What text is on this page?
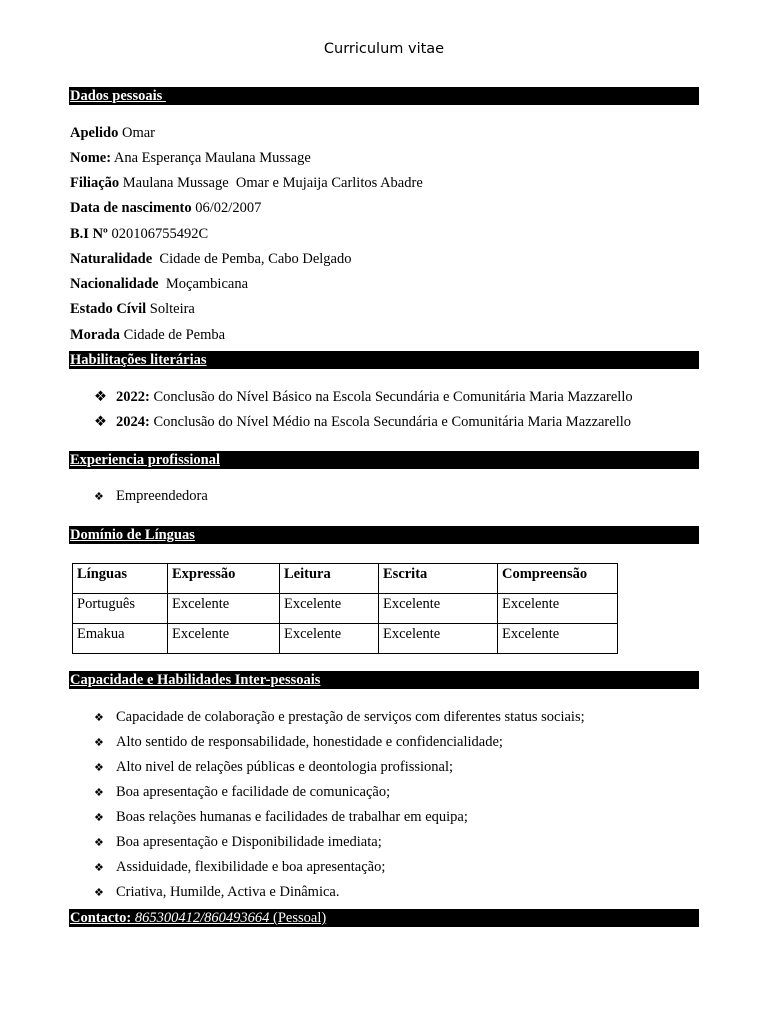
Curriculum vitae
Dados pessoais
Apelido Omar
Nome: Ana Esperança Maulana Mussage
Filiação Maulana Mussage  Omar e Mujaija Carlitos Abadre
Data de nascimento 06/02/2007
B.I Nº 020106755492C
Naturalidade  Cidade de Pemba, Cabo Delgado
Nacionalidade  Moçambicana
Estado Cívil Solteira
Morada Cidade de Pemba
Habilitações literárias
❖ 2022: Conclusão do Nível Básico na Escola Secundária e Comunitária Maria Mazzarello
❖ 2024: Conclusão do Nível Médio na Escola Secundária e Comunitária Maria Mazzarello
Experiencia profissional
❖ Empreendedora
Domínio de Línguas
Línguas	Expressão	Leitura	Escrita	Compreensão
Português	Excelente	Excelente	Excelente	Excelente
Emakua	Excelente	Excelente	Excelente	Excelente
Capacidade e Habilidades Inter-pessoais
❖ Capacidade de colaboração e prestação de serviços com diferentes status sociais;
❖ Alto sentido de responsabilidade, honestidade e confidencialidade;
❖ Alto nivel de relações públicas e deontologia profissional;
❖ Boa apresentação e facilidade de comunicação;
❖ Boas relações humanas e facilidades de trabalhar em equipa;
❖ Boa apresentação e Disponibilidade imediata;
❖ Assiduidade, flexibilidade e boa apresentação;
❖ Criativa, Humilde, Activa e Dinâmica.
Contacto: 865300412/860493664 (Pessoal)
